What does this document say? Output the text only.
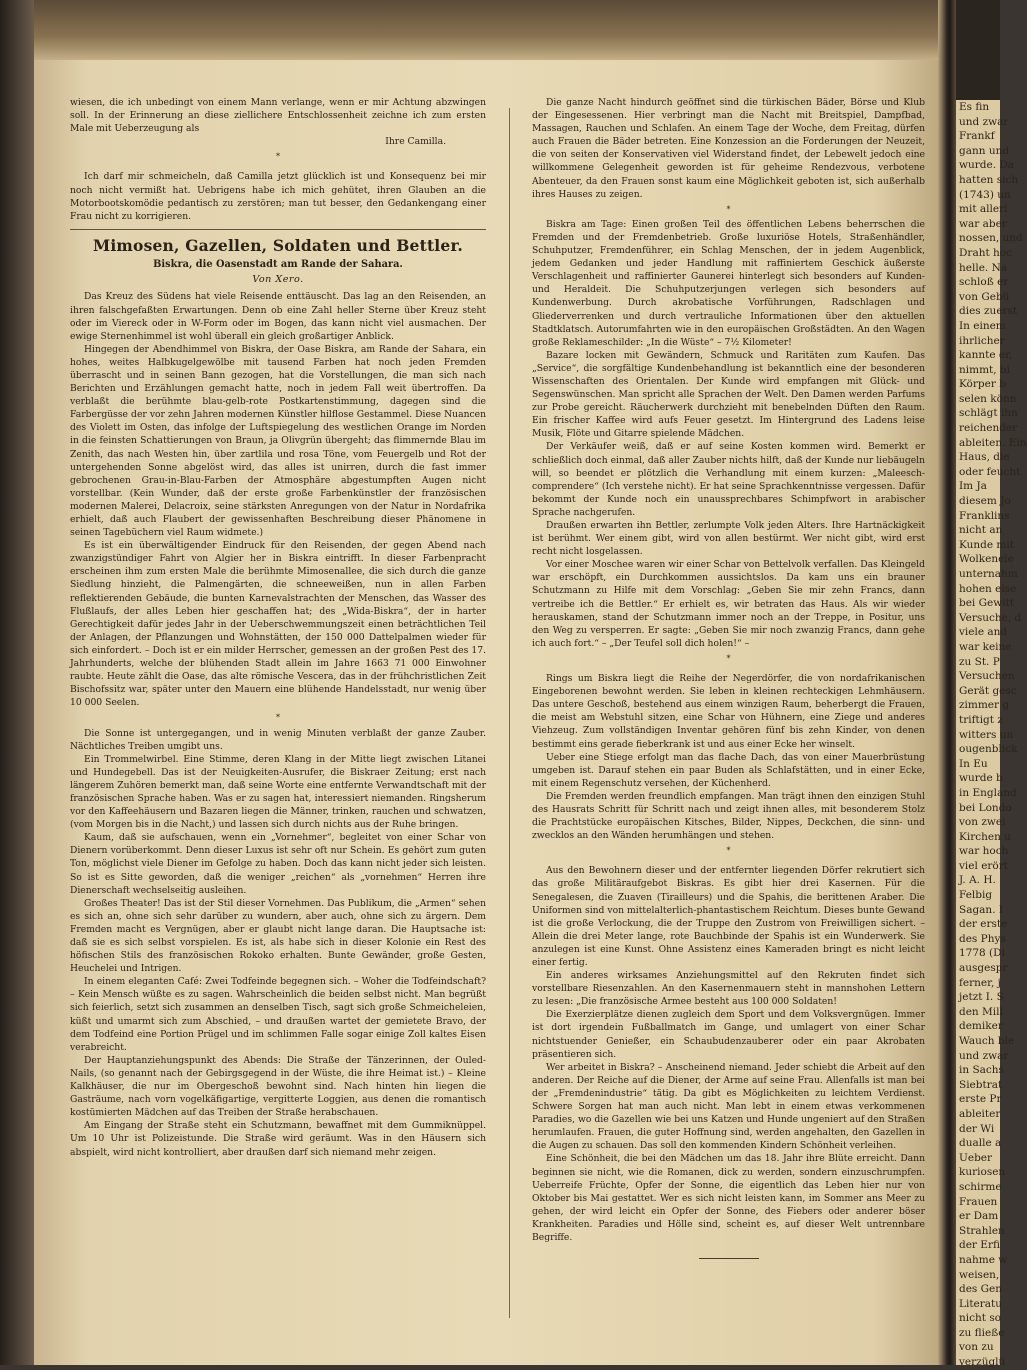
Es fin
und zwar
Frankf
gann und
wurde. Da
hatten sich
(1743) un
mit allerl
war aber
nossen, und
Draht hoc
helle. Na
schloß er
von Gebü
dies zuerst
In einem
ihrlicher
kannte er,
nimmt, bi
Körper b
selen könn
schlägt ihn
reichender
ableiten. Ein
Haus, die
oder feucht
Im Ja
diesem Jo
Franklins
nicht an
Kunde mit
Wolkenele
unternahm
hohen eise
bei Gewitt
Versuche, d
viele and
war keine
zu St. P
Versuchen
Gerät gesc
zimmer g
triftigt z
witters un
ougenblick
In Eu
wurde b
in England
bei Londo
von zwei
Kirchen u
war hoch
viel erört
J. A. H.
Felbig
Sagan. I
der erste
des Phys
1778 (Di
ausgespr
ferner, j
jetzt I. S
den Mill
demiker
Wauch ble
und zwar
in Sachs
Siebtrat
erste Pr
ableiter
der Wi
dualle a
Ueber
kuriosen
schirme
Frauen
er Dam
Strahlen
der Erfi
nahme w
weisen,
des Gen
Literatu
nicht so
zu fließe
von zu
verzüglü

wiesen, die ich unbedingt von einem Mann verlange, wenn er mir Achtung abzwingen soll. In der Erinnerung an diese ziellichere Entschlossenheit zeichne ich zum ersten Male mit Ueberzeugung als

Ihre Camilla.

*

Ich darf mir schmeicheln, daß Camilla jetzt glücklich ist und Konsequenz bei mir noch nicht vermißt hat. Uebrigens habe ich mich gehütet, ihren Glauben an die Motorbootskomödie pedantisch zu zerstören; man tut besser, den Gedankengang einer Frau nicht zu korrigieren.

Mimosen, Gazellen, Soldaten und Bettler.
Biskra, die Oasenstadt am Rande der Sahara.
Von Xero.

Das Kreuz des Südens hat viele Reisende enttäuscht. Das lag an den Reisenden, an ihren falschgefaßten Erwartungen. Denn ob eine Zahl heller Sterne über Kreuz steht oder im Viereck oder in W-Form oder im Bogen, das kann nicht viel ausmachen. Der ewige Sternenhimmel ist wohl überall ein gleich großartiger Anblick.

Hingegen der Abendhimmel von Biskra, der Oase Biskra, am Rande der Sahara, ein hohes, weites Halbkugelgewölbe mit tausend Farben hat noch jeden Fremden überrascht und in seinen Bann gezogen, hat die Vorstellungen, die man sich nach Berichten und Erzählungen gemacht hatte, noch in jedem Fall weit übertroffen. Da verblaßt die berühmte blau-gelb-rote Postkartenstimmung, dagegen sind die Farbergüsse der vor zehn Jahren modernen Künstler hilflose Gestammel. Diese Nuancen des Violett im Osten, das infolge der Luftspiegelung des westlichen Orange im Norden in die feinsten Schattierungen von Braun, ja Olivgrün übergeht; das flimmernde Blau im Zenith, das nach Westen hin, über zartlila und rosa Töne, vom Feuergelb und Rot der untergehenden Sonne abgelöst wird, das alles ist unirren, durch die fast immer gebrochenen Grau-in-Blau-Farben der Atmosphäre abgestumpften Augen nicht vorstellbar. (Kein Wunder, daß der erste große Farbenkünstler der französischen modernen Malerei, Delacroix, seine stärksten Anregungen von der Natur in Nordafrika erhielt, daß auch Flaubert der gewissenhaften Beschreibung dieser Phänomene in seinen Tagebüchern viel Raum widmete.)

Es ist ein überwältigender Eindruck für den Reisenden, der gegen Abend nach zwanzigstündiger Fahrt von Algier her in Biskra eintrifft. In dieser Farbenpracht erscheinen ihm zum ersten Male die berühmte Mimosenallee, die sich durch die ganze Siedlung hinzieht, die Palmengärten, die schneeweißen, nun in allen Farben reflektierenden Gebäude, die bunten Karnevalstrachten der Menschen, das Wasser des Flußlaufs, der alles Leben hier geschaffen hat; des „Wida-Biskra“, der in harter Gerechtigkeit dafür jedes Jahr in der Ueberschwemmungszeit einen beträchtlichen Teil der Anlagen, der Pflanzungen und Wohnstätten, der 150 000 Dattelpalmen wieder für sich einfordert. – Doch ist er ein milder Herrscher, gemessen an der großen Pest des 17. Jahrhunderts, welche der blühenden Stadt allein im Jahre 1663 71 000 Einwohner raubte. Heute zählt die Oase, das alte römische Vescera, das in der frühchristlichen Zeit Bischofssitz war, später unter den Mauern eine blühende Handelsstadt, nur wenig über 10 000 Seelen.

*

Die Sonne ist untergegangen, und in wenig Minuten verblaßt der ganze Zauber. Nächtliches Treiben umgibt uns.

Ein Trommelwirbel. Eine Stimme, deren Klang in der Mitte liegt zwischen Litanei und Hundegebell. Das ist der Neuigkeiten-Ausrufer, die Biskraer Zeitung; erst nach längerem Zuhören bemerkt man, daß seine Worte eine entfernte Verwandtschaft mit der französischen Sprache haben. Was er zu sagen hat, interessiert niemanden. Ringsherum vor den Kaffeehäusern und Bazaren liegen die Männer, trinken, rauchen und schwatzen, (vom Morgen bis in die Nacht,) und lassen sich durch nichts aus der Ruhe bringen.

Kaum, daß sie aufschauen, wenn ein „Vornehmer“, begleitet von einer Schar von Dienern vorüberkommt. Denn dieser Luxus ist sehr oft nur Schein. Es gehört zum guten Ton, möglichst viele Diener im Gefolge zu haben. Doch das kann nicht jeder sich leisten. So ist es Sitte geworden, daß die weniger „reichen“ als „vornehmen“ Herren ihre Dienerschaft wechselseitig ausleihen.

Großes Theater! Das ist der Stil dieser Vornehmen. Das Publikum, die „Armen“ sehen es sich an, ohne sich sehr darüber zu wundern, aber auch, ohne sich zu ärgern. Dem Fremden macht es Vergnügen, aber er glaubt nicht lange daran. Die Hauptsache ist: daß sie es sich selbst vorspielen. Es ist, als habe sich in dieser Kolonie ein Rest des höfischen Stils des französischen Rokoko erhalten. Bunte Gewänder, große Gesten, Heuchelei und Intrigen.

In einem eleganten Café: Zwei Todfeinde begegnen sich. – Woher die Todfeindschaft? – Kein Mensch wüßte es zu sagen. Wahrscheinlich die beiden selbst nicht. Man begrüßt sich feierlich, setzt sich zusammen an denselben Tisch, sagt sich große Schmeicheleien, küßt und umarmt sich zum Abschied, – und draußen wartet der gemietete Bravo, der dem Todfeind eine Portion Prügel und im schlimmen Falle sogar einige Zoll kaltes Eisen verabreicht.

Der Hauptanziehungspunkt des Abends: Die Straße der Tänzerinnen, der Ouled-Nails, (so genannt nach der Gebirgsgegend in der Wüste, die ihre Heimat ist.) – Kleine Kalkhäuser, die nur im Obergeschoß bewohnt sind. Nach hinten hin liegen die Gasträume, nach vorn vogelkäfigartige, vergitterte Loggien, aus denen die romantisch kostümierten Mädchen auf das Treiben der Straße herabschauen.

Am Eingang der Straße steht ein Schutzmann, bewaffnet mit dem Gummiknüppel. Um 10 Uhr ist Polizeistunde. Die Straße wird geräumt. Was in den Häusern sich abspielt, wird nicht kontrolliert, aber draußen darf sich niemand mehr zeigen.

Die ganze Nacht hindurch geöffnet sind die türkischen Bäder, Börse und Klub der Eingesessenen. Hier verbringt man die Nacht mit Breitspiel, Dampfbad, Massagen, Rauchen und Schlafen. An einem Tage der Woche, dem Freitag, dürfen auch Frauen die Bäder betreten. Eine Konzession an die Forderungen der Neuzeit, die von seiten der Konservativen viel Widerstand findet, der Lebewelt jedoch eine willkommene Gelegenheit geworden ist für geheime Rendezvous, verbotene Abenteuer, da den Frauen sonst kaum eine Möglichkeit geboten ist, sich außerhalb ihres Hauses zu zeigen.

*

Biskra am Tage: Einen großen Teil des öffentlichen Lebens beherrschen die Fremden und der Fremdenbetrieb. Große luxuriöse Hotels, Straßenhändler, Schuhputzer, Fremdenführer, ein Schlag Menschen, der in jedem Augenblick, jedem Gedanken und jeder Handlung mit raffiniertem Geschick äußerste Verschlagenheit und raffinierter Gaunerei hinterlegt sich besonders auf Kunden- und Heraldeit. Die Schuhputzerjungen verlegen sich besonders auf Kundenwerbung. Durch akrobatische Vorführungen, Radschlagen und Gliederverrenken und durch vertrauliche Informationen über den aktuellen Stadtklatsch. Autorumfahrten wie in den europäischen Großstädten. An den Wagen große Reklameschilder: „In die Wüste“ – 7½ Kilometer!

Bazare locken mit Gewändern, Schmuck und Raritäten zum Kaufen. Das „Service“, die sorgfältige Kundenbehandlung ist bekanntlich eine der besonderen Wissenschaften des Orientalen. Der Kunde wird empfangen mit Glück- und Segenswünschen. Man spricht alle Sprachen der Welt. Den Damen werden Parfums zur Probe gereicht. Räucherwerk durchzieht mit benebelnden Düften den Raum. Ein frischer Kaffee wird aufs Feuer gesetzt. Im Hintergrund des Ladens leise Musik, Flöte und Gitarre spielende Mädchen.

Der Verkäufer weiß, daß er auf seine Kosten kommen wird. Bemerkt er schließlich doch einmal, daß aller Zauber nichts hilft, daß der Kunde nur liebäugeln will, so beendet er plötzlich die Verhandlung mit einem kurzen: „Maleesch-comprendere“ (Ich verstehe nicht). Er hat seine Sprachkenntnisse vergessen. Dafür bekommt der Kunde noch ein unaussprechbares Schimpfwort in arabischer Sprache nachgerufen.

Draußen erwarten ihn Bettler, zerlumpte Volk jeden Alters. Ihre Hartnäckigkeit ist berühmt. Wer einem gibt, wird von allen bestürmt. Wer nicht gibt, wird erst recht nicht losgelassen.

Vor einer Moschee waren wir einer Schar von Bettelvolk verfallen. Das Kleingeld war erschöpft, ein Durchkommen aussichtslos. Da kam uns ein brauner Schutzmann zu Hilfe mit dem Vorschlag: „Geben Sie mir zehn Francs, dann vertreibe ich die Bettler.“ Er erhielt es, wir betraten das Haus. Als wir wieder herauskamen, stand der Schutzmann immer noch an der Treppe, in Positur, uns den Weg zu versperren. Er sagte: „Geben Sie mir noch zwanzig Francs, dann gehe ich auch fort.“ – „Der Teufel soll dich holen!“ –

*

Rings um Biskra liegt die Reihe der Negerdörfer, die von nordafrikanischen Eingeborenen bewohnt werden. Sie leben in kleinen rechteckigen Lehmhäusern. Das untere Geschoß, bestehend aus einem winzigen Raum, beherbergt die Frauen, die meist am Webstuhl sitzen, eine Schar von Hühnern, eine Ziege und anderes Viehzeug. Zum vollständigen Inventar gehören fünf bis zehn Kinder, von denen bestimmt eins gerade fieberkrank ist und aus einer Ecke her winselt.

Ueber eine Stiege erfolgt man das flache Dach, das von einer Mauerbrüstung umgeben ist. Darauf stehen ein paar Buden als Schlafstätten, und in einer Ecke, mit einem Regenschutz versehen, der Küchenherd.

Die Fremden werden freundlich empfangen. Man trägt ihnen den einzigen Stuhl des Hausrats Schritt für Schritt nach und zeigt ihnen alles, mit besonderem Stolz die Prachtstücke europäischen Kitsches, Bilder, Nippes, Deckchen, die sinn- und zwecklos an den Wänden herumhängen und stehen.

*

Aus den Bewohnern dieser und der entfernter liegenden Dörfer rekrutiert sich das große Militäraufgebot Biskras. Es gibt hier drei Kasernen. Für die Senegalesen, die Zuaven (Tirailleurs) und die Spahis, die berittenen Araber. Die Uniformen sind von mittelalterlich-phantastischem Reichtum. Dieses bunte Gewand ist die große Verlockung, die der Truppe den Zustrom von Freiwilligen sichert. – Allein die drei Meter lange, rote Bauchbinde der Spahis ist ein Wunderwerk. Sie anzulegen ist eine Kunst. Ohne Assistenz eines Kameraden bringt es nicht leicht einer fertig.

Ein anderes wirksames Anziehungsmittel auf den Rekruten findet sich vorstellbare Riesenzahlen. An den Kasernenmauern steht in mannshohen Lettern zu lesen: „Die französische Armee besteht aus 100 000 Soldaten!

Die Exerzierplätze dienen zugleich dem Sport und dem Volksvergnügen. Immer ist dort irgendein Fußballmatch im Gange, und umlagert von einer Schar nichtstuender Genießer, ein Schaubudenzauberer oder ein paar Akrobaten präsentieren sich.

Wer arbeitet in Biskra? – Anscheinend niemand. Jeder schiebt die Arbeit auf den anderen. Der Reiche auf die Diener, der Arme auf seine Frau. Allenfalls ist man bei der „Fremdenindustrie“ tätig. Da gibt es Möglichkeiten zu leichtem Verdienst. Schwere Sorgen hat man auch nicht. Man lebt in einem etwas verkommenen Paradies, wo die Gazellen wie bei uns Katzen und Hunde ungeniert auf den Straßen herumlaufen. Frauen, die guter Hoffnung sind, werden angehalten, den Gazellen in die Augen zu schauen. Das soll den kommenden Kindern Schönheit verleihen.

Eine Schönheit, die bei den Mädchen um das 18. Jahr ihre Blüte erreicht. Dann beginnen sie nicht, wie die Romanen, dick zu werden, sondern einzuschrumpfen. Ueberreife Früchte, Opfer der Sonne, die eigentlich das Leben hier nur von Oktober bis Mai gestattet. Wer es sich nicht leisten kann, im Sommer ans Meer zu gehen, der wird leicht ein Opfer der Sonne, des Fiebers oder anderer böser Krankheiten. Paradies und Hölle sind, scheint es, auf dieser Welt untrennbare Begriffe.
